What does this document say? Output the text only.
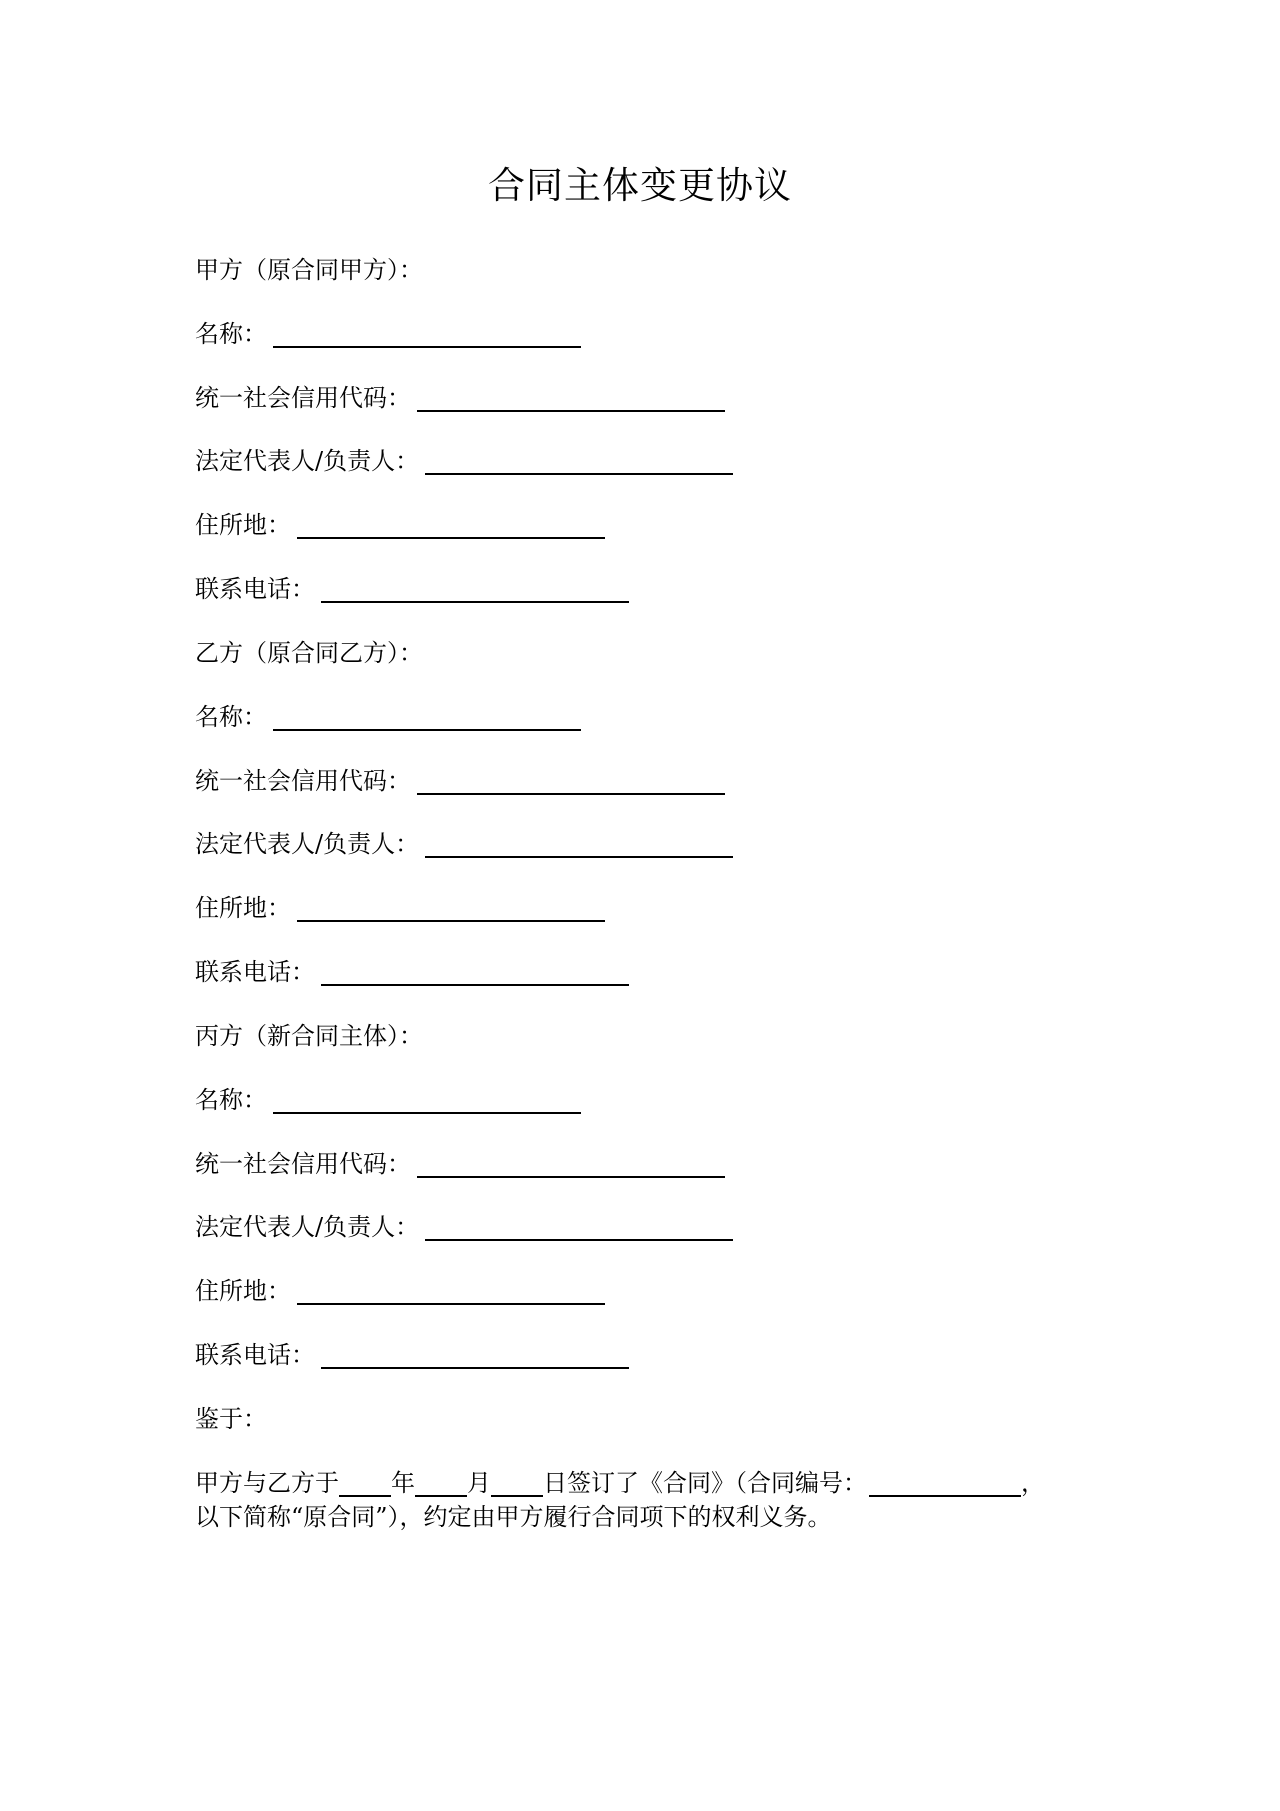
合同主体变更协议
甲方（原合同甲方）：
名称：
统一社会信用代码：
法定代表人/负责人：
住所地：
联系电话：
乙方（原合同乙方）：
名称：
统一社会信用代码：
法定代表人/负责人：
住所地：
联系电话：
丙方（新合同主体）：
名称：
统一社会信用代码：
法定代表人/负责人：
住所地：
联系电话：
鉴于：
甲方与乙方于 年 月 日签订了《合同》（合同编号：	，
以下简称“原合同”），约定由甲方履行合同项下的权利义务。
